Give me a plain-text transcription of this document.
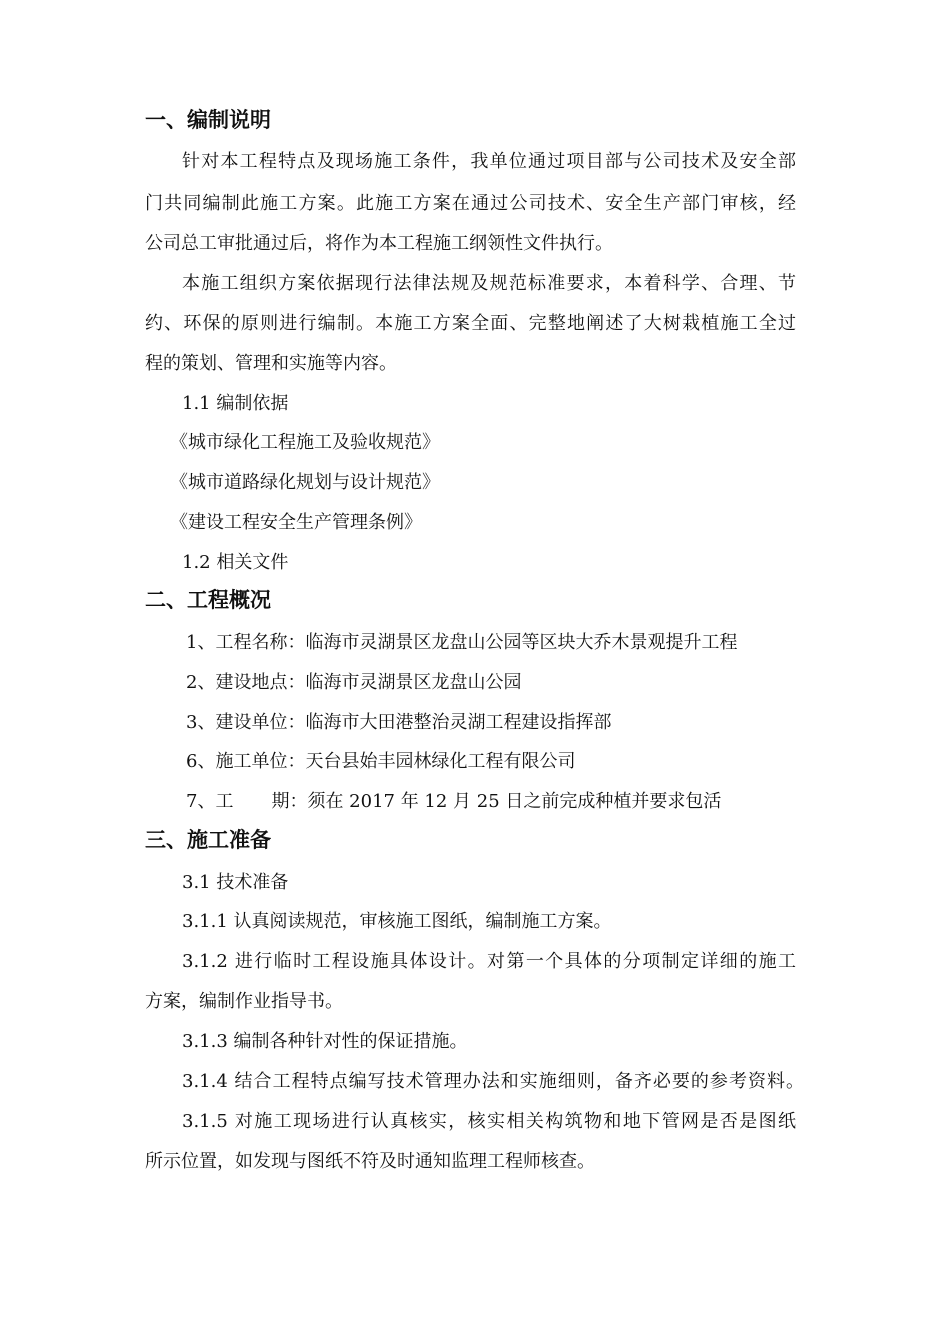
一、编制说明
针对本工程特点及现场施工条件，我单位通过项目部与公司技术及安全部
门共同编制此施工方案。此施工方案在通过公司技术、安全生产部门审核，经
公司总工审批通过后，将作为本工程施工纲领性文件执行。
本施工组织方案依据现行法律法规及规范标准要求，本着科学、合理、节
约、环保的原则进行编制。本施工方案全面、完整地阐述了大树栽植施工全过
程的策划、管理和实施等内容。
1.1 编制依据
《城市绿化工程施工及验收规范》
《城市道路绿化规划与设计规范》
《建设工程安全生产管理条例》
1.2 相关文件
二、工程概况
1、工程名称：临海市灵湖景区龙盘山公园等区块大乔木景观提升工程
2、建设地点：临海市灵湖景区龙盘山公园
3、建设单位：临海市大田港整治灵湖工程建设指挥部
6、施工单位：天台县始丰园林绿化工程有限公司
7、工 期：须在 2017 年 12 月 25 日之前完成种植并要求包活
三、施工准备
3.1 技术准备
3.1.1 认真阅读规范，审核施工图纸，编制施工方案。
3.1.2 进行临时工程设施具体设计。对第一个具体的分项制定详细的施工
方案，编制作业指导书。
3.1.3 编制各种针对性的保证措施。
3.1.4 结合工程特点编写技术管理办法和实施细则，备齐必要的参考资料。
3.1.5 对施工现场进行认真核实，核实相关构筑物和地下管网是否是图纸
所示位置，如发现与图纸不符及时通知监理工程师核查。
